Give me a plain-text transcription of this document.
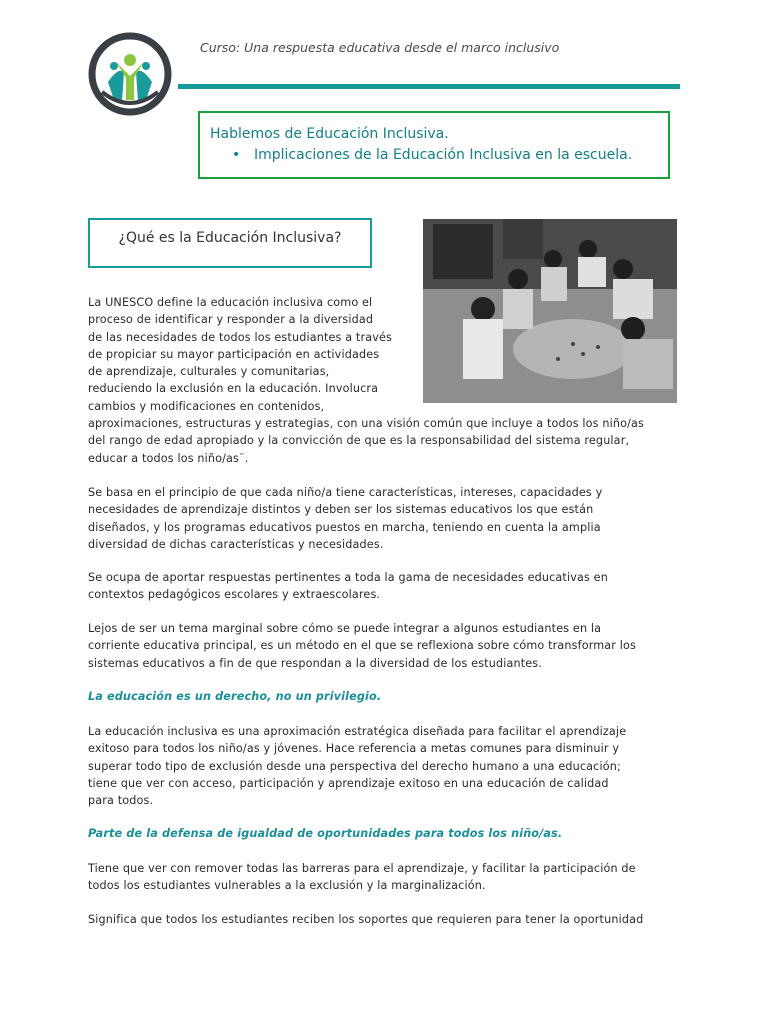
Curso: Una respuesta educativa desde el marco inclusivo
Hablemos de Educación Inclusiva.
• Implicaciones de la Educación Inclusiva en la escuela.
¿Qué es la Educación Inclusiva?
La UNESCO define la educación inclusiva como el
proceso de identificar y responder a la diversidad
de las necesidades de todos los estudiantes a través
de propiciar su mayor participación en actividades
de aprendizaje, culturales y comunitarias,
reduciendo la exclusión en la educación. Involucra
cambios y modificaciones en contenidos,
aproximaciones, estructuras y estrategias, con una visión común que incluye a todos los niño/as
del rango de edad apropiado y la convicción de que es la responsabilidad del sistema regular,
educar a todos los niño/as¨.
Se basa en el principio de que cada niño/a tiene características, intereses, capacidades y
necesidades de aprendizaje distintos y deben ser los sistemas educativos los que están
diseñados, y los programas educativos puestos en marcha, teniendo en cuenta la amplia
diversidad de dichas características y necesidades.
Se ocupa de aportar respuestas pertinentes a toda la gama de necesidades educativas en
contextos pedagógicos escolares y extraescolares.
Lejos de ser un tema marginal sobre cómo se puede integrar a algunos estudiantes en la
corriente educativa principal, es un método en el que se reflexiona sobre cómo transformar los
sistemas educativos a fin de que respondan a la diversidad de los estudiantes.
La educación es un derecho, no un privilegio.
La educación inclusiva es una aproximación estratégica diseñada para facilitar el aprendizaje
exitoso para todos los niño/as y jóvenes. Hace referencia a metas comunes para disminuir y
superar todo tipo de exclusión desde una perspectiva del derecho humano a una educación;
tiene que ver con acceso, participación y aprendizaje exitoso en una educación de calidad
para todos.
Parte de la defensa de igualdad de oportunidades para todos los niño/as.
Tiene que ver con remover todas las barreras para el aprendizaje, y facilitar la participación de
todos los estudiantes vulnerables a la exclusión y la marginalización.
Significa que todos los estudiantes reciben los soportes que requieren para tener la oportunidad
